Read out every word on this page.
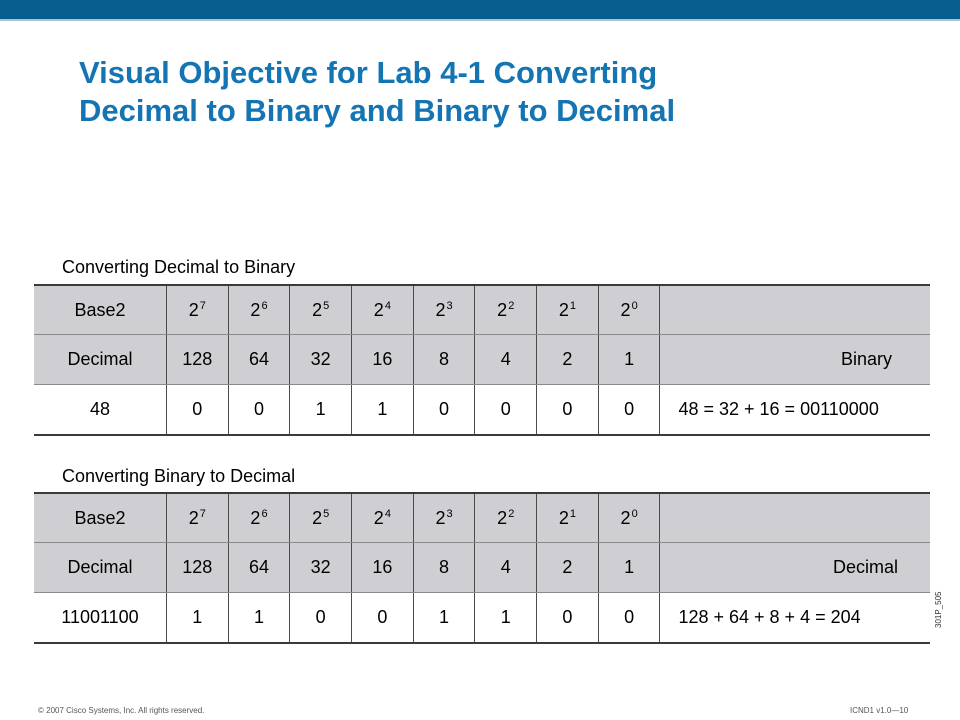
Visual Objective for Lab 4-1 Converting
Decimal to Binary and Binary to Decimal
Converting Decimal to Binary
Base2	$2^7$	$2^6$	$2^5$	$2^4$	$2^3$	$2^2$	$2^1$	$2^0$	
Decimal	128	64	32	16	8	4	2	1	Binary
48	0	0	1	1	0	0	0	0	48 = 32 + 16 = 00110000
Converting Binary to Decimal
Base2	$2^7$	$2^6$	$2^5$	$2^4$	$2^3$	$2^2$	$2^1$	$2^0$	
Decimal	128	64	32	16	8	4	2	1	Decimal
11001100	1	1	0	0	1	1	0	0	128 + 64 + 8 + 4 = 204	301P_505
© 2007 Cisco Systems, Inc. All rights reserved.	ICND1 v1.0—10
